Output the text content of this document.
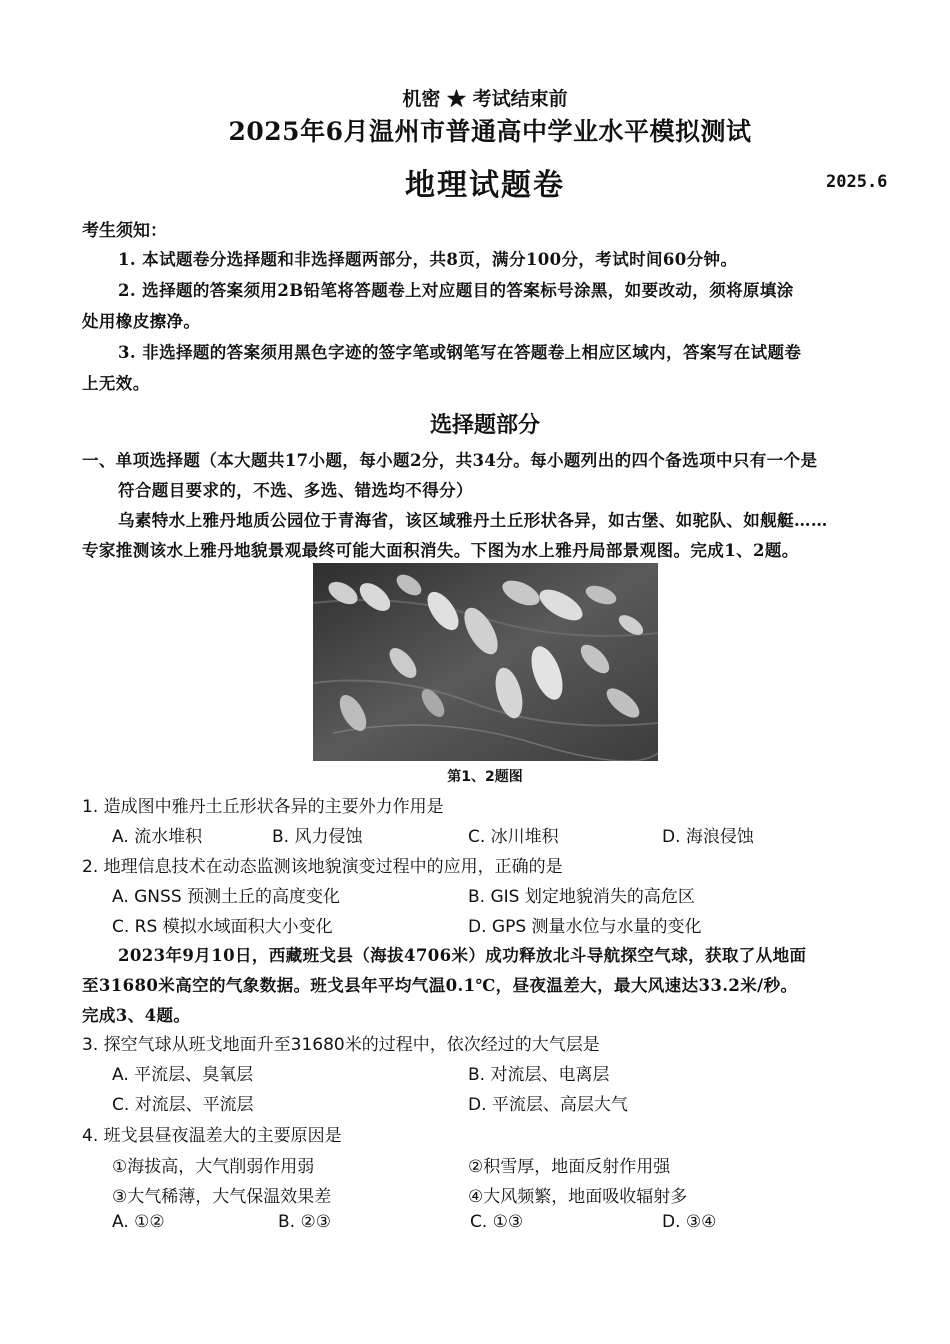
机密 ★ 考试结束前
2025年6月温州市普通高中学业水平模拟测试
地理试题卷	2025.6
考生须知：
1. 本试题卷分选择题和非选择题两部分，共8页，满分100分，考试时间60分钟。
2. 选择题的答案须用2B铅笔将答题卷上对应题目的答案标号涂黑，如要改动，须将原填涂
处用橡皮擦净。
3. 非选择题的答案须用黑色字迹的签字笔或钢笔写在答题卷上相应区域内，答案写在试题卷
上无效。
选择题部分
一、单项选择题（本大题共17小题，每小题2分，共34分。每小题列出的四个备选项中只有一个是
符合题目要求的，不选、多选、错选均不得分）
乌素特水上雅丹地质公园位于青海省，该区域雅丹土丘形状各异，如古堡、如驼队、如舰艇……
专家推测该水上雅丹地貌景观最终可能大面积消失。下图为水上雅丹局部景观图。完成1、2题。
第1、2题图
1. 造成图中雅丹土丘形状各异的主要外力作用是
A. 流水堆积	B. 风力侵蚀	C. 冰川堆积	D. 海浪侵蚀
2. 地理信息技术在动态监测该地貌演变过程中的应用，正确的是
A. GNSS 预测土丘的高度变化	B. GIS 划定地貌消失的高危区
C. RS 模拟水域面积大小变化	D. GPS 测量水位与水量的变化
2023年9月10日，西藏班戈县（海拔4706米）成功释放北斗导航探空气球，获取了从地面
至31680米高空的气象数据。班戈县年平均气温0.1℃，昼夜温差大，最大风速达33.2米/秒。
完成3、4题。
3. 探空气球从班戈地面升至31680米的过程中，依次经过的大气层是
A. 平流层、臭氧层	B. 对流层、电离层
C. 对流层、平流层	D. 平流层、高层大气
4. 班戈县昼夜温差大的主要原因是
①海拔高，大气削弱作用弱	②积雪厚，地面反射作用强
③大气稀薄，大气保温效果差	④大风频繁，地面吸收辐射多
A. ①②	B. ②③	C. ①③	D. ③④
